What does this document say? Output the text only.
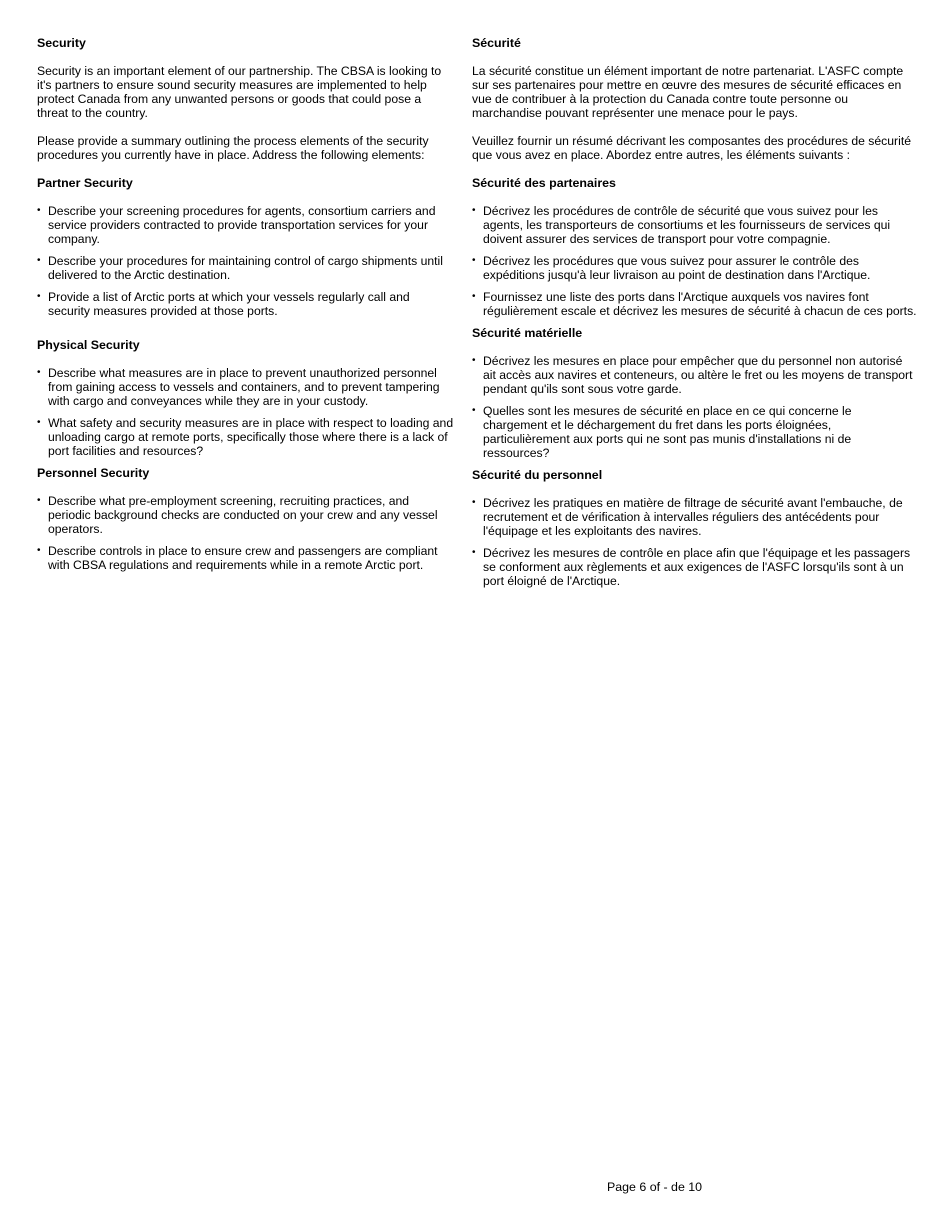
Security
Security is an important element of our partnership. The CBSA is looking to it's partners to ensure sound security measures are implemented to help protect Canada from any unwanted persons or goods that could pose a threat to the country.
Please provide a summary outlining the process elements of the security procedures you currently have in place. Address the following elements:
Partner Security
• Describe your screening procedures for agents, consortium carriers and service providers contracted to provide transportation services for your company.
• Describe your procedures for maintaining control of cargo shipments until delivered to the Arctic destination.
• Provide a list of Arctic ports at which your vessels regularly call and security measures provided at those ports.
Physical Security
• Describe what measures are in place to prevent unauthorized personnel from gaining access to vessels and containers, and to prevent tampering with cargo and conveyances while they are in your custody.
• What safety and security measures are in place with respect to loading and unloading cargo at remote ports, specifically those where there is a lack of port facilities and resources?
Personnel Security
• Describe what pre-employment screening, recruiting practices, and periodic background checks are conducted on your crew and any vessel operators.
• Describe controls in place to ensure crew and passengers are compliant with CBSA regulations and requirements while in a remote Arctic port.
Sécurité
La sécurité constitue un élément important de notre partenariat. L'ASFC compte sur ses partenaires pour mettre en œuvre des mesures de sécurité efficaces en vue de contribuer à la protection du Canada contre toute personne ou marchandise pouvant représenter une menace pour le pays.
Veuillez fournir un résumé décrivant les composantes des procédures de sécurité que vous avez en place. Abordez entre autres, les éléments suivants :
Sécurité des partenaires
• Décrivez les procédures de contrôle de sécurité que vous suivez pour les agents, les transporteurs de consortiums et les fournisseurs de services qui doivent assurer des services de transport pour votre compagnie.
• Décrivez les procédures que vous suivez pour assurer le contrôle des expéditions jusqu'à leur livraison au point de destination dans l'Arctique.
• Fournissez une liste des ports dans l'Arctique auxquels vos navires font régulièrement escale et décrivez les mesures de sécurité à chacun de ces ports.
Sécurité matérielle
• Décrivez les mesures en place pour empêcher que du personnel non autorisé ait accès aux navires et conteneurs, ou altère le fret ou les moyens de transport pendant qu'ils sont sous votre garde.
• Quelles sont les mesures de sécurité en place en ce qui concerne le chargement et le déchargement du fret dans les ports éloignées, particulièrement aux ports qui ne sont pas munis d'installations ni de ressources?
Sécurité du personnel
• Décrivez les pratiques en matière de filtrage de sécurité avant l'embauche, de recrutement et de vérification à intervalles réguliers des antécédents pour l'équipage et les exploitants des navires.
• Décrivez les mesures de contrôle en place afin que l'équipage et les passagers se conforment aux règlements et aux exigences de l'ASFC lorsqu'ils sont à un port éloigné de l'Arctique.
Page 6 of - de 10
